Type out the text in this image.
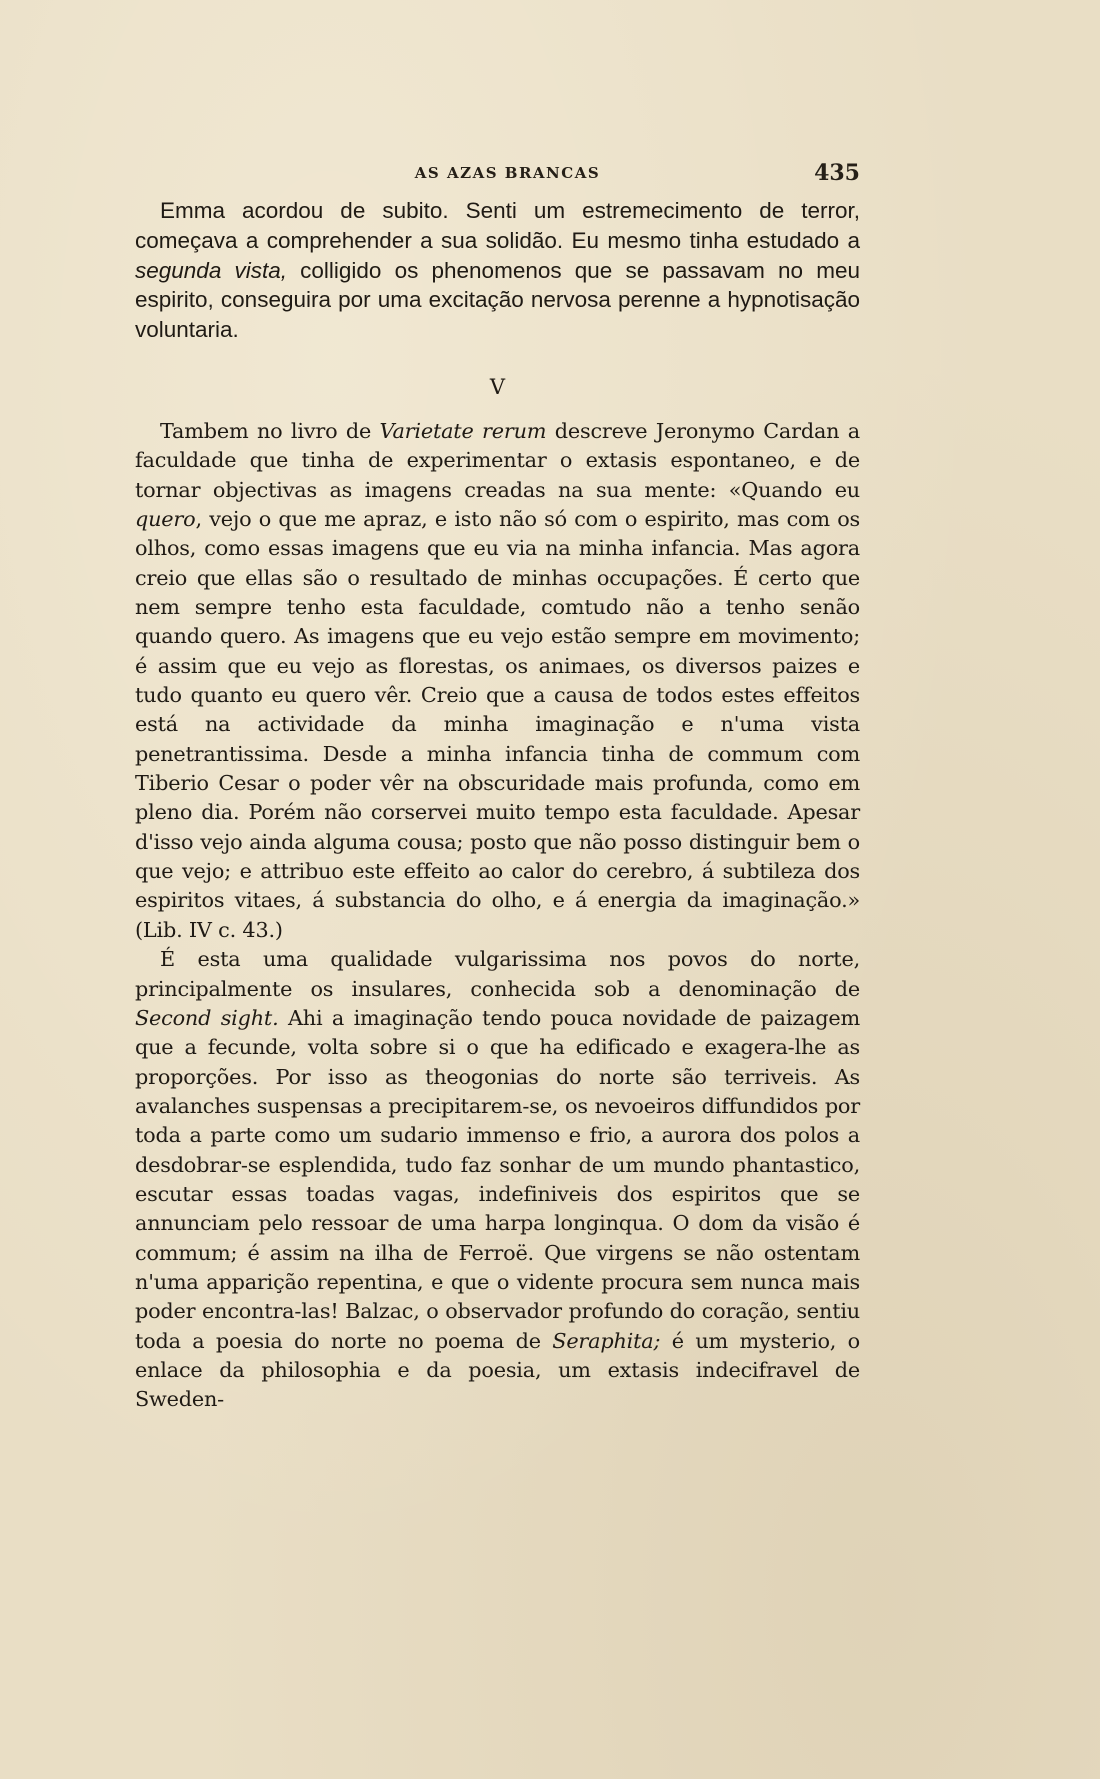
AS AZAS BRANCAS	435

Emma acordou de subito. Senti um estremecimento de terror, começava a comprehender a sua solidão. Eu mesmo tinha estudado a segunda vista, colligido os phenomenos que se passavam no meu espirito, conseguira por uma excitação nervosa perenne a hypnotisação voluntaria.

V

Tambem no livro de Varietate rerum descreve Jeronymo Cardan a faculdade que tinha de experimentar o extasis espontaneo, e de tornar objectivas as imagens creadas na sua mente: «Quando eu quero, vejo o que me apraz, e isto não só com o espirito, mas com os olhos, como essas imagens que eu via na minha infancia. Mas agora creio que ellas são o resultado de minhas occupações. É certo que nem sempre tenho esta faculdade, comtudo não a tenho senão quando quero. As imagens que eu vejo estão sempre em movimento; é assim que eu vejo as florestas, os animaes, os diversos paizes e tudo quanto eu quero vêr. Creio que a causa de todos estes effeitos está na actividade da minha imaginação e n'uma vista penetrantissima. Desde a minha infancia tinha de commum com Tiberio Cesar o poder vêr na obscuridade mais profunda, como em pleno dia. Porém não corservei muito tempo esta faculdade. Apesar d'isso vejo ainda alguma cousa; posto que não posso distinguir bem o que vejo; e attribuo este effeito ao calor do cerebro, á subtileza dos espiritos vitaes, á substancia do olho, e á energia da imaginação.» (Lib. IV c. 43.)

É esta uma qualidade vulgarissima nos povos do norte, principalmente os insulares, conhecida sob a denominação de Second sight. Ahi a imaginação tendo pouca novidade de paizagem que a fecunde, volta sobre si o que ha edificado e exagera-lhe as proporções. Por isso as theogonias do norte são terriveis. As avalanches suspensas a precipitarem-se, os nevoeiros diffundidos por toda a parte como um sudario immenso e frio, a aurora dos polos a desdobrar-se esplendida, tudo faz sonhar de um mundo phantastico, escutar essas toadas vagas, indefiniveis dos espiritos que se annunciam pelo ressoar de uma harpa longinqua. O dom da visão é commum; é assim na ilha de Ferroë. Que virgens se não ostentam n'uma apparição repentina, e que o vidente procura sem nunca mais poder encontra-las! Balzac, o observador profundo do coração, sentiu toda a poesia do norte no poema de Seraphita; é um mysterio, o enlace da philosophia e da poesia, um extasis indecifravel de Sweden-
